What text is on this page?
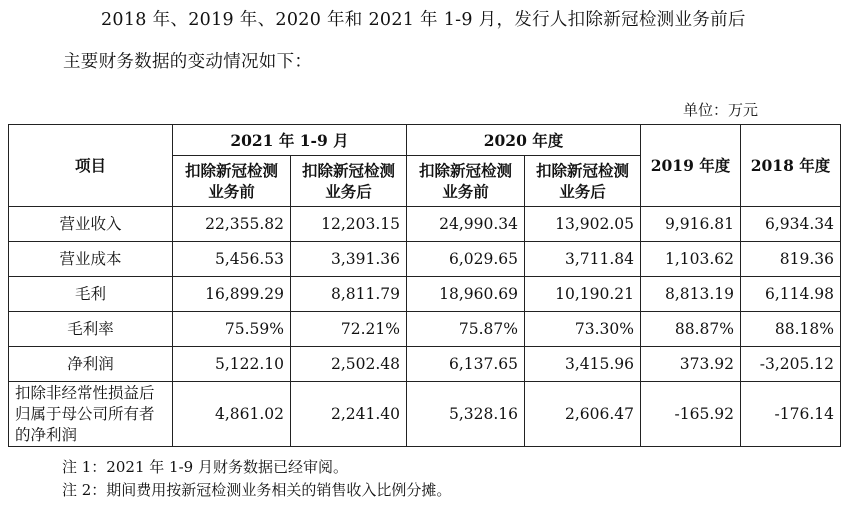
2018 年、2019 年、2020 年和 2021 年 1-9 月，发行人扣除新冠检测业务前后

主要财务数据的变动情况如下：

单位：万元
项目	2021 年 1-9 月		2020 年度		2019 年度	2018 年度
	扣除新冠检测业务前	扣除新冠检测业务后	扣除新冠检测业务前	扣除新冠检测业务后		
营业收入	22,355.82	12,203.15	24,990.34	13,902.05	9,916.81	6,934.34
营业成本	5,456.53	3,391.36	6,029.65	3,711.84	1,103.62	819.36
毛利	16,899.29	8,811.79	18,960.69	10,190.21	8,813.19	6,114.98
毛利率	75.59%	72.21%	75.87%	73.30%	88.87%	88.18%
净利润	5,122.10	2,502.48	6,137.65	3,415.96	373.92	-3,205.12
扣除非经常性损益后归属于母公司所有者的净利润	4,861.02	2,241.40	5,328.16	2,606.47	-165.92	-176.14
注 1：2021 年 1-9 月财务数据已经审阅。
注 2：期间费用按新冠检测业务相关的销售收入比例分摊。
